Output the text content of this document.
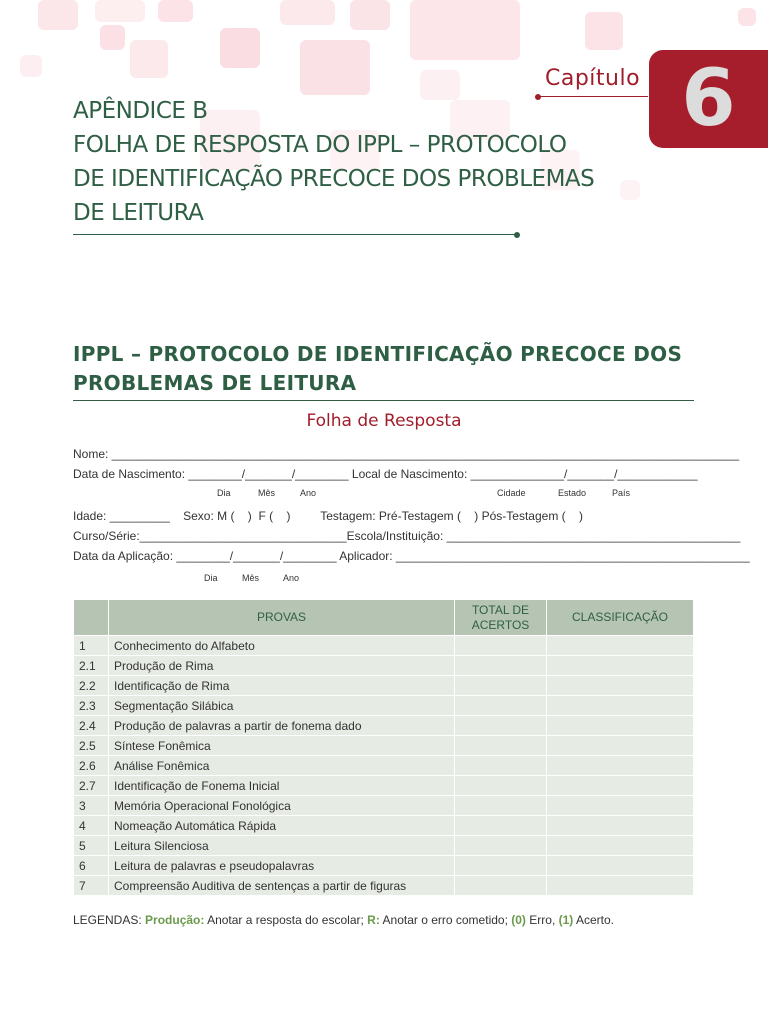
Capítulo 6
APÊNDICE B
FOLHA DE RESPOSTA DO IPPL – PROTOCOLO
DE IDENTIFICAÇÃO PRECOCE DOS PROBLEMAS
DE LEITURA
IPPL – PROTOCOLO DE IDENTIFICAÇÃO PRECOCE DOS
PROBLEMAS DE LEITURA
Folha de Resposta
Nome: ______________________________________________________________________________________________
Data de Nascimento: ________/_______/________ Local de Nascimento: ______________/_______/____________
Dia	Mês	Ano	Cidade	Estado	País
Idade: _________    Sexo: M (    )  F (    )         Testagem: Pré-Testagem (    ) Pós-Testagem (    )
Curso/Série:_______________________________Escola/Instituição: ____________________________________________
Data da Aplicação: ________/_______/________ Aplicador: _____________________________________________________
Dia	Mês	Ano
	PROVAS	TOTAL DE ACERTOS	CLASSIFICAÇÃO
1	Conhecimento do Alfabeto		
2.1	Produção de Rima		
2.2	Identificação de Rima		
2.3	Segmentação Silábica		
2.4	Produção de palavras a partir de fonema dado		
2.5	Síntese Fonêmica		
2.6	Análise Fonêmica		
2.7	Identificação de Fonema Inicial		
3	Memória Operacional Fonológica		
4	Nomeação Automática Rápida		
5	Leitura Silenciosa		
6	Leitura de palavras e pseudopalavras		
7	Compreensão Auditiva de sentenças a partir de figuras		
LEGENDAS: Produção: Anotar a resposta do escolar; R: Anotar o erro cometido; (0) Erro, (1) Acerto.
